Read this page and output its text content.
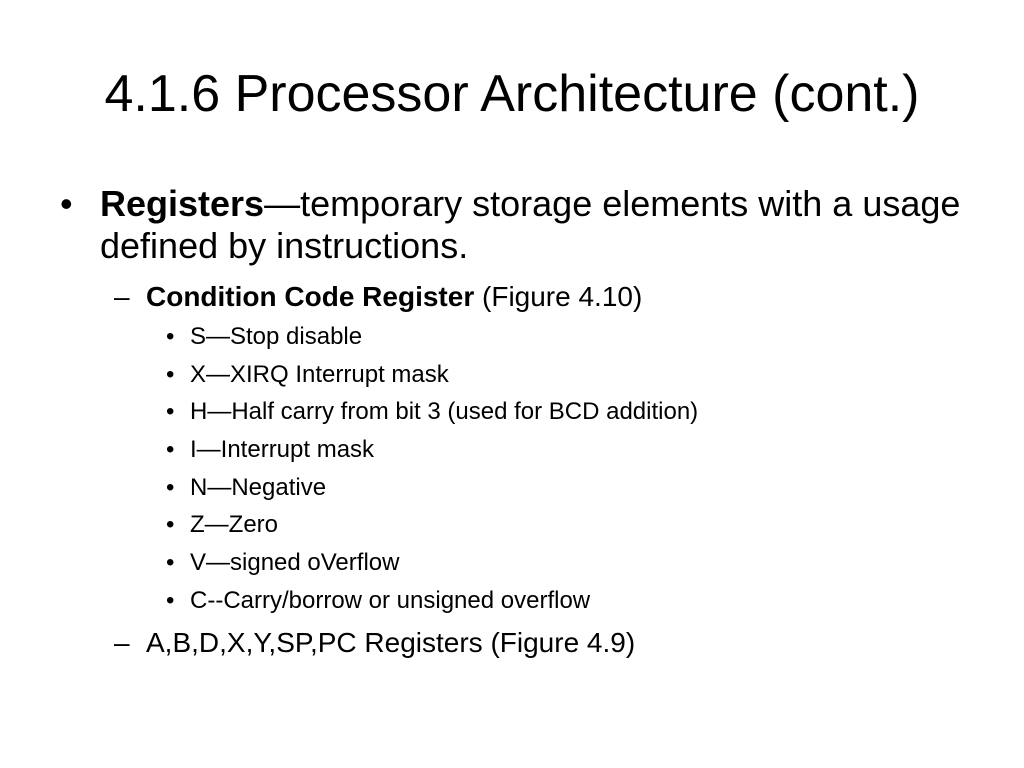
4.1.6 Processor Architecture (cont.)
• Registers—temporary storage elements with a usage defined by instructions.
– Condition Code Register (Figure 4.10)
• S—Stop disable
• X—XIRQ Interrupt mask
• H—Half carry from bit 3 (used for BCD addition)
• I—Interrupt mask
• N—Negative
• Z—Zero
• V—signed oVerflow
• C--Carry/borrow or unsigned overflow
– A,B,D,X,Y,SP,PC Registers (Figure 4.9)
